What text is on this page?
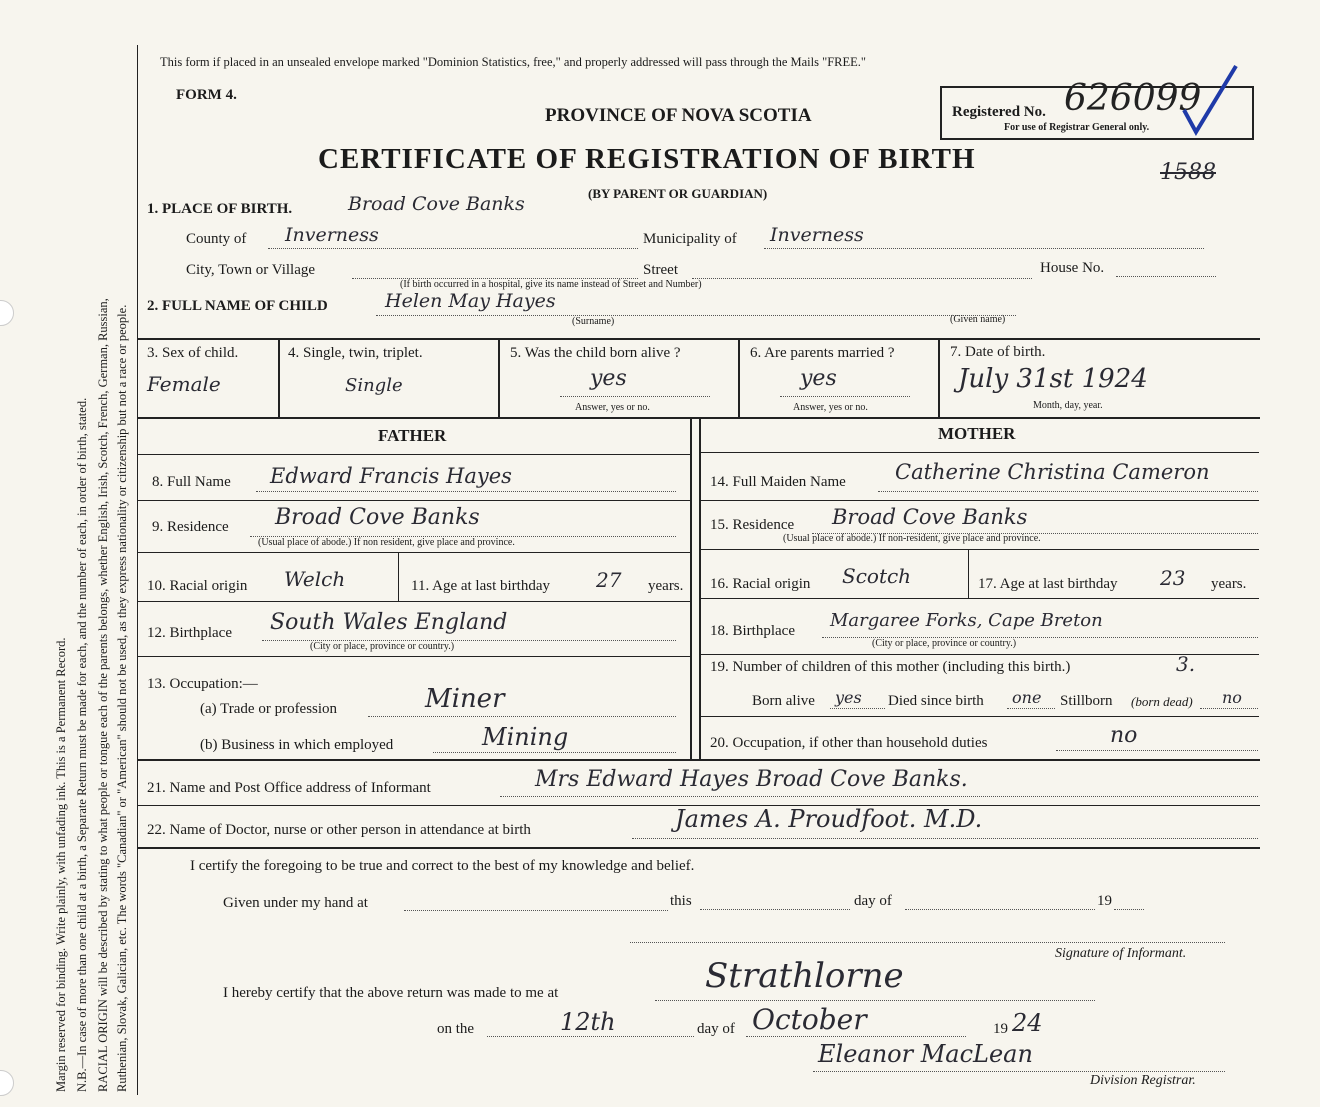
Margin reserved for binding. Write plainly, with unfading ink. This is a Permanent Record. N.B.—In case of more than one child at a birth, a Separate Return must be made for each, and the number of each, in order of birth, stated. RACIAL ORIGIN will be described by stating to what people or tongue each of the parents belongs, whether English, Irish, Scotch, French, German, Russian, Ruthenian, Slovak, Galician, etc. The words "Canadian" or "American" should not be used, as they express nationality or citizenship but not a race or people.
This form if placed in an unsealed envelope marked "Dominion Statistics, free," and properly addressed will pass through the Mails "FREE."
FORM 4.
PROVINCE OF NOVA SCOTIA
CERTIFICATE OF REGISTRATION OF BIRTH
(BY PARENT OR GUARDIAN)
Registered No. 626099
For use of Registrar General only.
1588
1. PLACE OF BIRTH.	Broad Cove Banks
County of Inverness	Municipality of Inverness
City, Town or Village
(If birth occurred in a hospital, give its name instead of Street and Number)
Street	House No.
2. FULL NAME OF CHILD	Helen May Hayes
(Surname)	(Given name)
3. Sex of child.
Female
4. Single, twin, triplet.
Single
5. Was the child born alive ?
yes
Answer, yes or no.
6. Are parents married ?
yes
Answer, yes or no.
7. Date of birth.
July 31st 1924
Month, day, year.
FATHER	MOTHER
8. Full Name Edward Francis Hayes
9. Residence Broad Cove Banks
(Usual place of abode.) If non resident, give place and province.
10. Racial origin Welch	11. Age at last birthday 27 years.
12. Birthplace South Wales England
(City or place, province or country.)
13. Occupation:—
(a) Trade or profession	Miner
(b) Business in which employed	Mining
14. Full Maiden Name Catherine Christina Cameron
15. Residence Broad Cove Banks
(Usual place of abode.) If non-resident, give place and province.
16. Racial origin Scotch	17. Age at last birthday 23 years.
18. Birthplace Margaree Forks, Cape Breton
(City or place, province or country.)
19. Number of children of this mother (including this birth.)	3.
Born alive yes Died since birth one Stillborn (born dead) no
20. Occupation, if other than household duties	no
21. Name and Post Office address of Informant	Mrs Edward Hayes Broad Cove Banks.
22. Name of Doctor, nurse or other person in attendance at birth	James A. Proudfoot. M.D.
I certify the foregoing to be true and correct to the best of my knowledge and belief.
Given under my hand at	this	day of	19
Signature of Informant.
I hereby certify that the above return was made to me at	Strathlorne
on the	12th	day of October	19 24
Eleanor MacLean
Division Registrar.
